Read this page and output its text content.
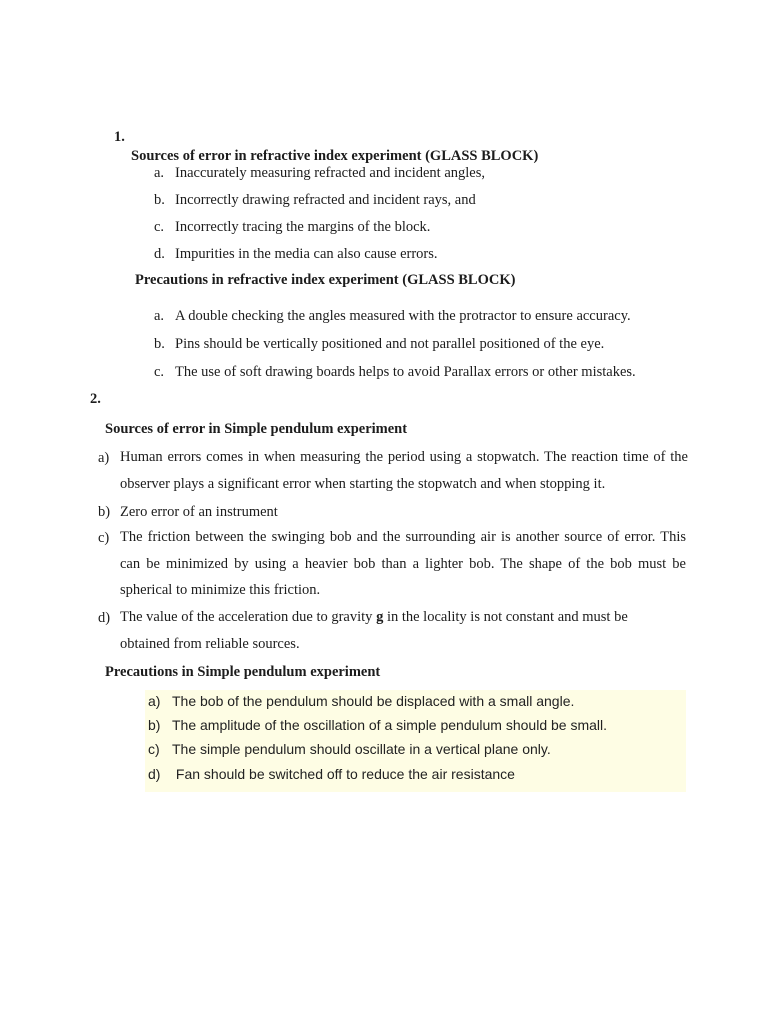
1.
Sources of error in refractive index experiment (GLASS BLOCK)
a. Inaccurately measuring refracted and incident angles,
b. Incorrectly drawing refracted and incident rays, and
c. Incorrectly tracing the margins of the block.
d. Impurities in the media can also cause errors.
Precautions in refractive index experiment (GLASS BLOCK)
a. A double checking the angles measured with the protractor to ensure accuracy.
b. Pins should be vertically positioned and not parallel positioned of the eye.
c. The use of soft drawing boards helps to avoid Parallax errors or other mistakes.
2.
Sources of error in Simple pendulum experiment
a) Human errors comes in when measuring the period using a stopwatch. The reaction time of the observer plays a significant error when starting the stopwatch and when stopping it.
b) Zero error of an instrument
c) The friction between the swinging bob and the surrounding air is another source of error. This can be minimized by using a heavier bob than a lighter bob. The shape of the bob must be spherical to minimize this friction.
d) The value of the acceleration due to gravity g in the locality is not constant and must be obtained from reliable sources.
Precautions in Simple pendulum experiment
a) The bob of the pendulum should be displaced with a small angle.
b) The amplitude of the oscillation of a simple pendulum should be small.
c) The simple pendulum should oscillate in a vertical plane only.
d) Fan should be switched off to reduce the air resistance
